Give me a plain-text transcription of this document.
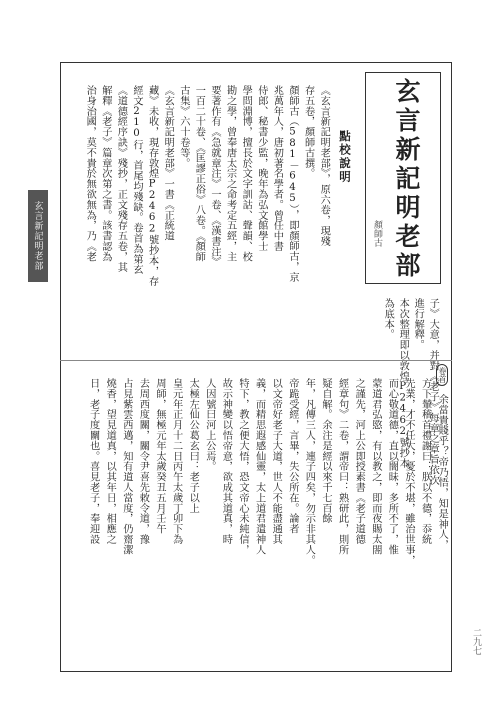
玄言新記明老部	玄言新記明老部
顏師古
點校說明
《玄言新記明老部》，原六卷，現殘
存五卷，顏師古撰。
顏師古（581－645），即顏師古，京
兆萬年人，唐初著名學者。曾任中書
侍郎、秘書少監，晚年為弘文館學士
學問淵博，擅長於文字訓詁、聲韻、校
勘之學，曾奉唐太宗之命考定五經，主
要著作有《急就章注》一卷、《漢書注》
一百二十卷、《匡謬正俗》八卷。《顏師
古集》六十卷等。
《玄言新記明老部》一書《正統道
藏》未收，現存敦煌P2462號抄本，存
經文210行，首尾均殘缺。卷首為第玄
《道德經序訣》殘抄，正文殘存五卷，其
解釋《老子》篇章次第之書。該書認為
治身治國，莫不貴於無欲無為，乃《老
子》大意，并對《老子》每章之章旨依次
進行解釋。
本次整理即以敦煌P2462號抄本
為底本。
余當貴賤乎？帝乃悟，知是神人，
方下輦稽首禮謝曰：朕以不德，忝統
先業，才不任大，憂於不堪，雖治世事，
而心敬道德，直以闇昧，多所不了，惟
蒙道君弘愍，有以教之，即而夜賜太閤
之謹先，河上公即授素書《老子道德
經章句》二卷，謂帝曰：熟研此，則所
疑自解。余注是經以來千七百餘
年，凡傳三人，連子四矣，勿示非其人。
帝跪受經，言畢，失公所在。論者
以文帝好老子大道，世人不能盡通其
義，而精思遐感仙靈，太上道君遣神人
特下，教之便大悟，恐文帝心未純信，
故示神變以悟帝意，欲成其道真，時
人因號曰河上公焉。
太極左仙公葛玄曰：老子以上
皇元年正月十二日丙午太歲丁卯下為
周師，無極元年太歲癸丑五月壬午
去周西度關，關令尹喜先敕令道，豫
占見紫雲西邁，知有道人當度，仍齋潔
燒香，望見道真，以其年日，相應之
日，老子度關也。喜見老子，奉迎設
二九七
卷首
